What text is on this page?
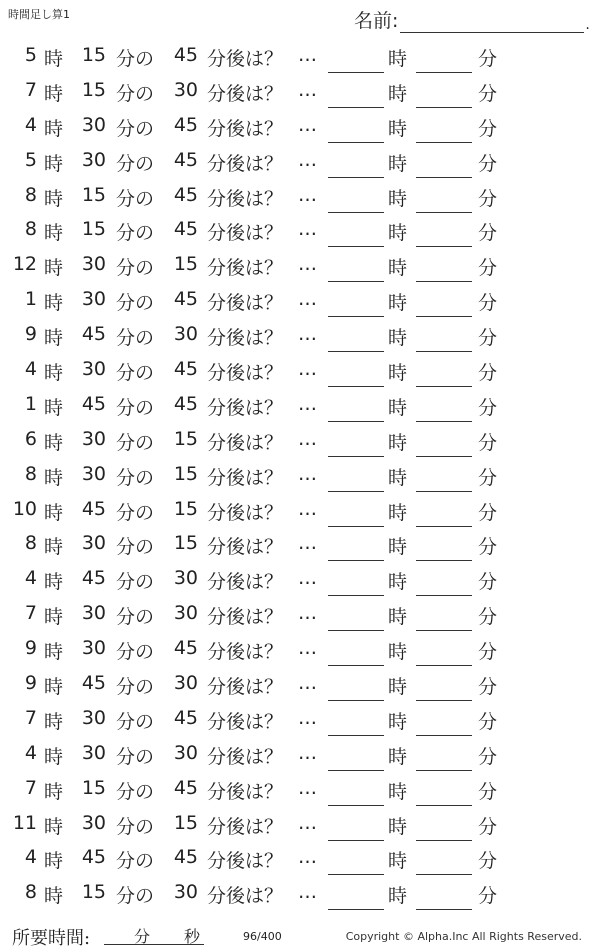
時間足し算1	名前:	.
5 時 15 分の	45 分後は？ …	時	分
7 時 15 分の	30 分後は？ …	時	分
4 時 30 分の	45 分後は？ …	時	分
5 時 30 分の	45 分後は？ …	時	分
8 時 15 分の	45 分後は？ …	時	分
8 時 15 分の	45 分後は？ …	時	分
12 時 30 分の	15 分後は？ …	時	分
1 時 30 分の	45 分後は？ …	時	分
9 時 45 分の	30 分後は？ …	時	分
4 時 30 分の	45 分後は？ …	時	分
1 時 45 分の	45 分後は？ …	時	分
6 時 30 分の	15 分後は？ …	時	分
8 時 30 分の	15 分後は？ …	時	分
10 時 45 分の	15 分後は？ …	時	分
8 時 30 分の	15 分後は？ …	時	分
4 時 45 分の	30 分後は？ …	時	分
7 時 30 分の	30 分後は？ …	時	分
9 時 30 分の	45 分後は？ …	時	分
9 時 45 分の	30 分後は？ …	時	分
7 時 30 分の	45 分後は？ …	時	分
4 時 30 分の	30 分後は？ …	時	分
7 時 15 分の	45 分後は？ …	時	分
11 時 30 分の	15 分後は？ …	時	分
4 時 45 分の	45 分後は？ …	時	分
8 時 15 分の	30 分後は？ …	時	分
所要時間:	分 秒	96/400	Copyright © Alpha.Inc All Rights Reserved.
